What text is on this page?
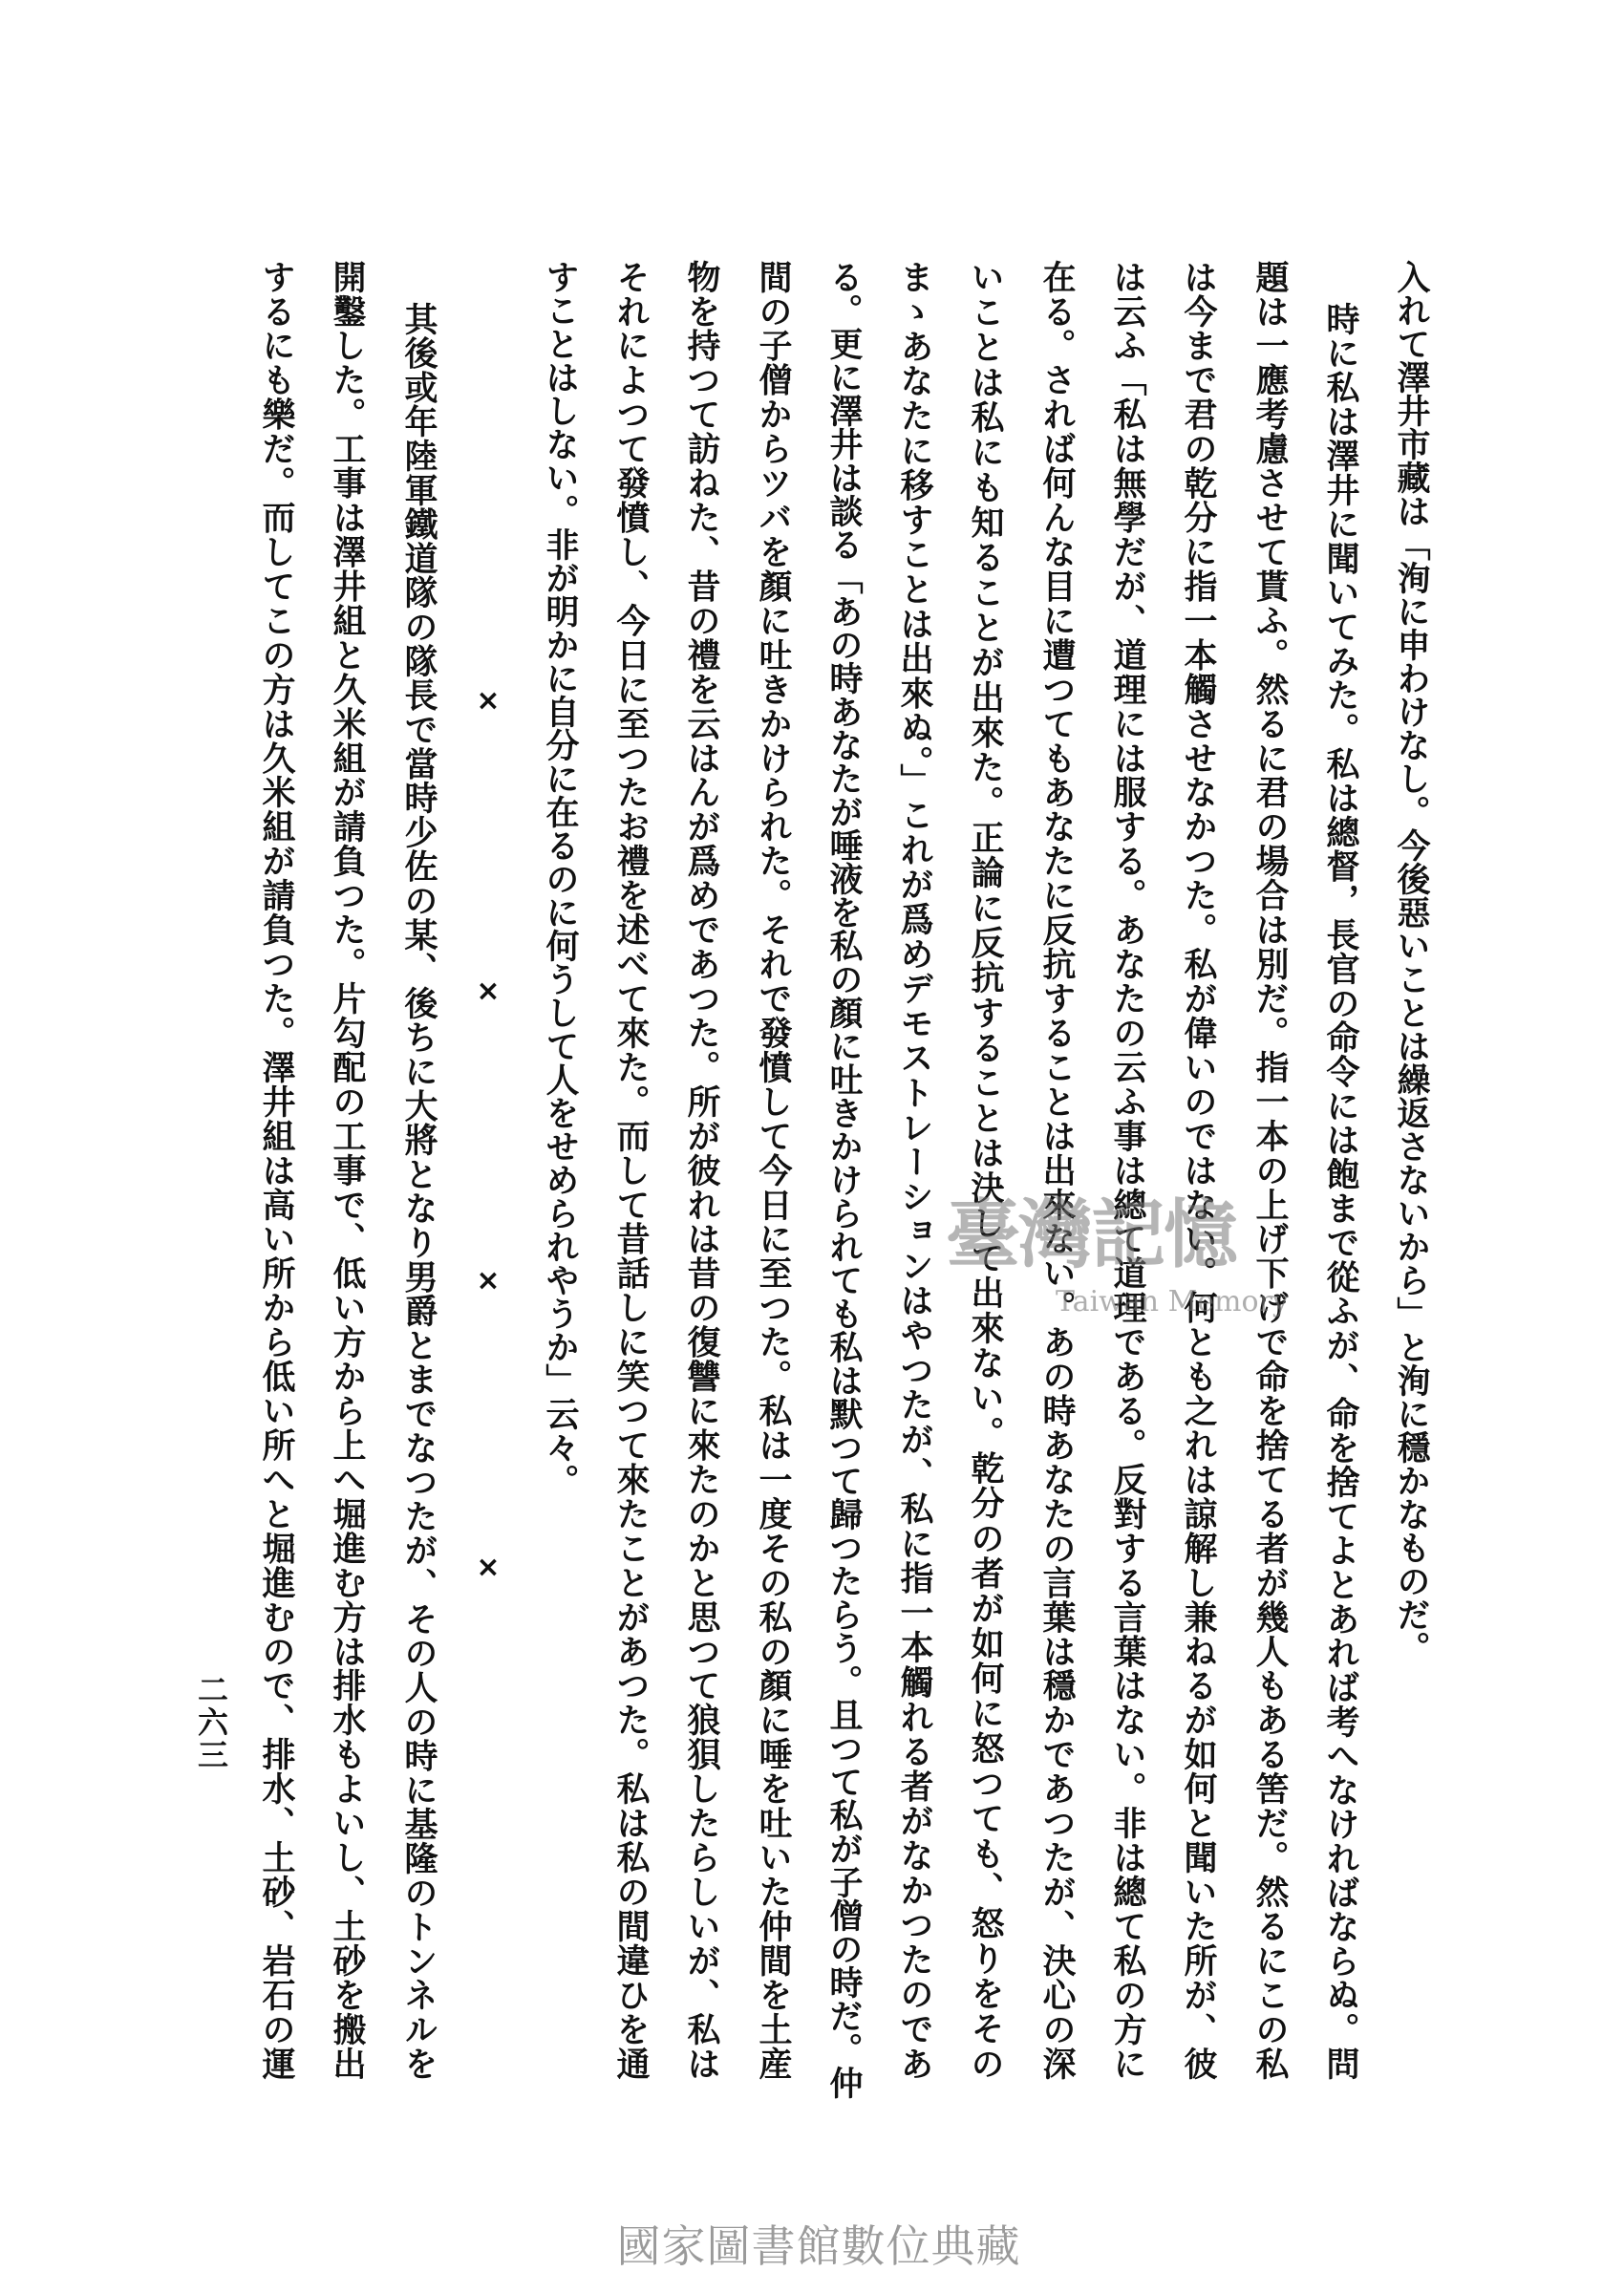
入れて澤井市藏は「洵に申わけなし。今後惡いことは繰返さないから」と洵に穩かなものだ。
時に私は澤井に聞いてみた。私は總督，長官の命令には飽まで從ふが、命を捨てよとあれば考へなければならぬ。問
題は一應考慮させて貰ふ。然るに君の場合は別だ。指一本の上げ下げで命を捨てる者が幾人もある筈だ。然るにこの私
は今まで君の乾分に指一本觸させなかつた。私が偉いのではない。何とも之れは諒解し兼ねるが如何と聞いた所が、彼
は云ふ「私は無學だが、道理には服する。あなたの云ふ事は總て道理である。反對する言葉はない。非は總て私の方に
在る。されば何んな目に遭つてもあなたに反抗することは出來ない。あの時あなたの言葉は穩かであつたが、決心の深
いことは私にも知ることが出來た。正論に反抗することは決して出來ない。乾分の者が如何に怒つても、怒りをその
まゝあなたに移すことは出來ぬ。」これが爲めデモストレーションはやつたが、私に指一本觸れる者がなかつたのであ
る。更に澤井は談る「あの時あなたが唾液を私の顏に吐きかけられても私は默つて歸つたらう。且つて私が子僧の時だ。仲
間の子僧からツバを顏に吐きかけられた。それで發憤して今日に至つた。私は一度その私の顏に唾を吐いた仲間を土産
物を持つて訪ねた、昔の禮を云はんが爲めであつた。所が彼れは昔の復讐に來たのかと思つて狼狽したらしいが、私は
それによつて發憤し、今日に至つたお禮を述べて來た。而して昔話しに笑つて來たことがあつた。私は私の間違ひを通
すことはしない。非が明かに自分に在るのに何うして人をせめられやうか」云々。
×
×
×
×
其後或年陸軍鐵道隊の隊長で當時少佐の某、後ちに大將となり男爵とまでなつたが、その人の時に基隆のトンネルを
開鑿した。工事は澤井組と久米組が請負つた。片勾配の工事で、低い方から上へ堀進む方は排水もよいし、土砂を搬出
するにも樂だ。而してこの方は久米組が請負つた。澤井組は高い所から低い所へと堀進むので、排水、土砂、岩石の運
二六三
臺灣記憶
Taiwan Memory
國家圖書館數位典藏
